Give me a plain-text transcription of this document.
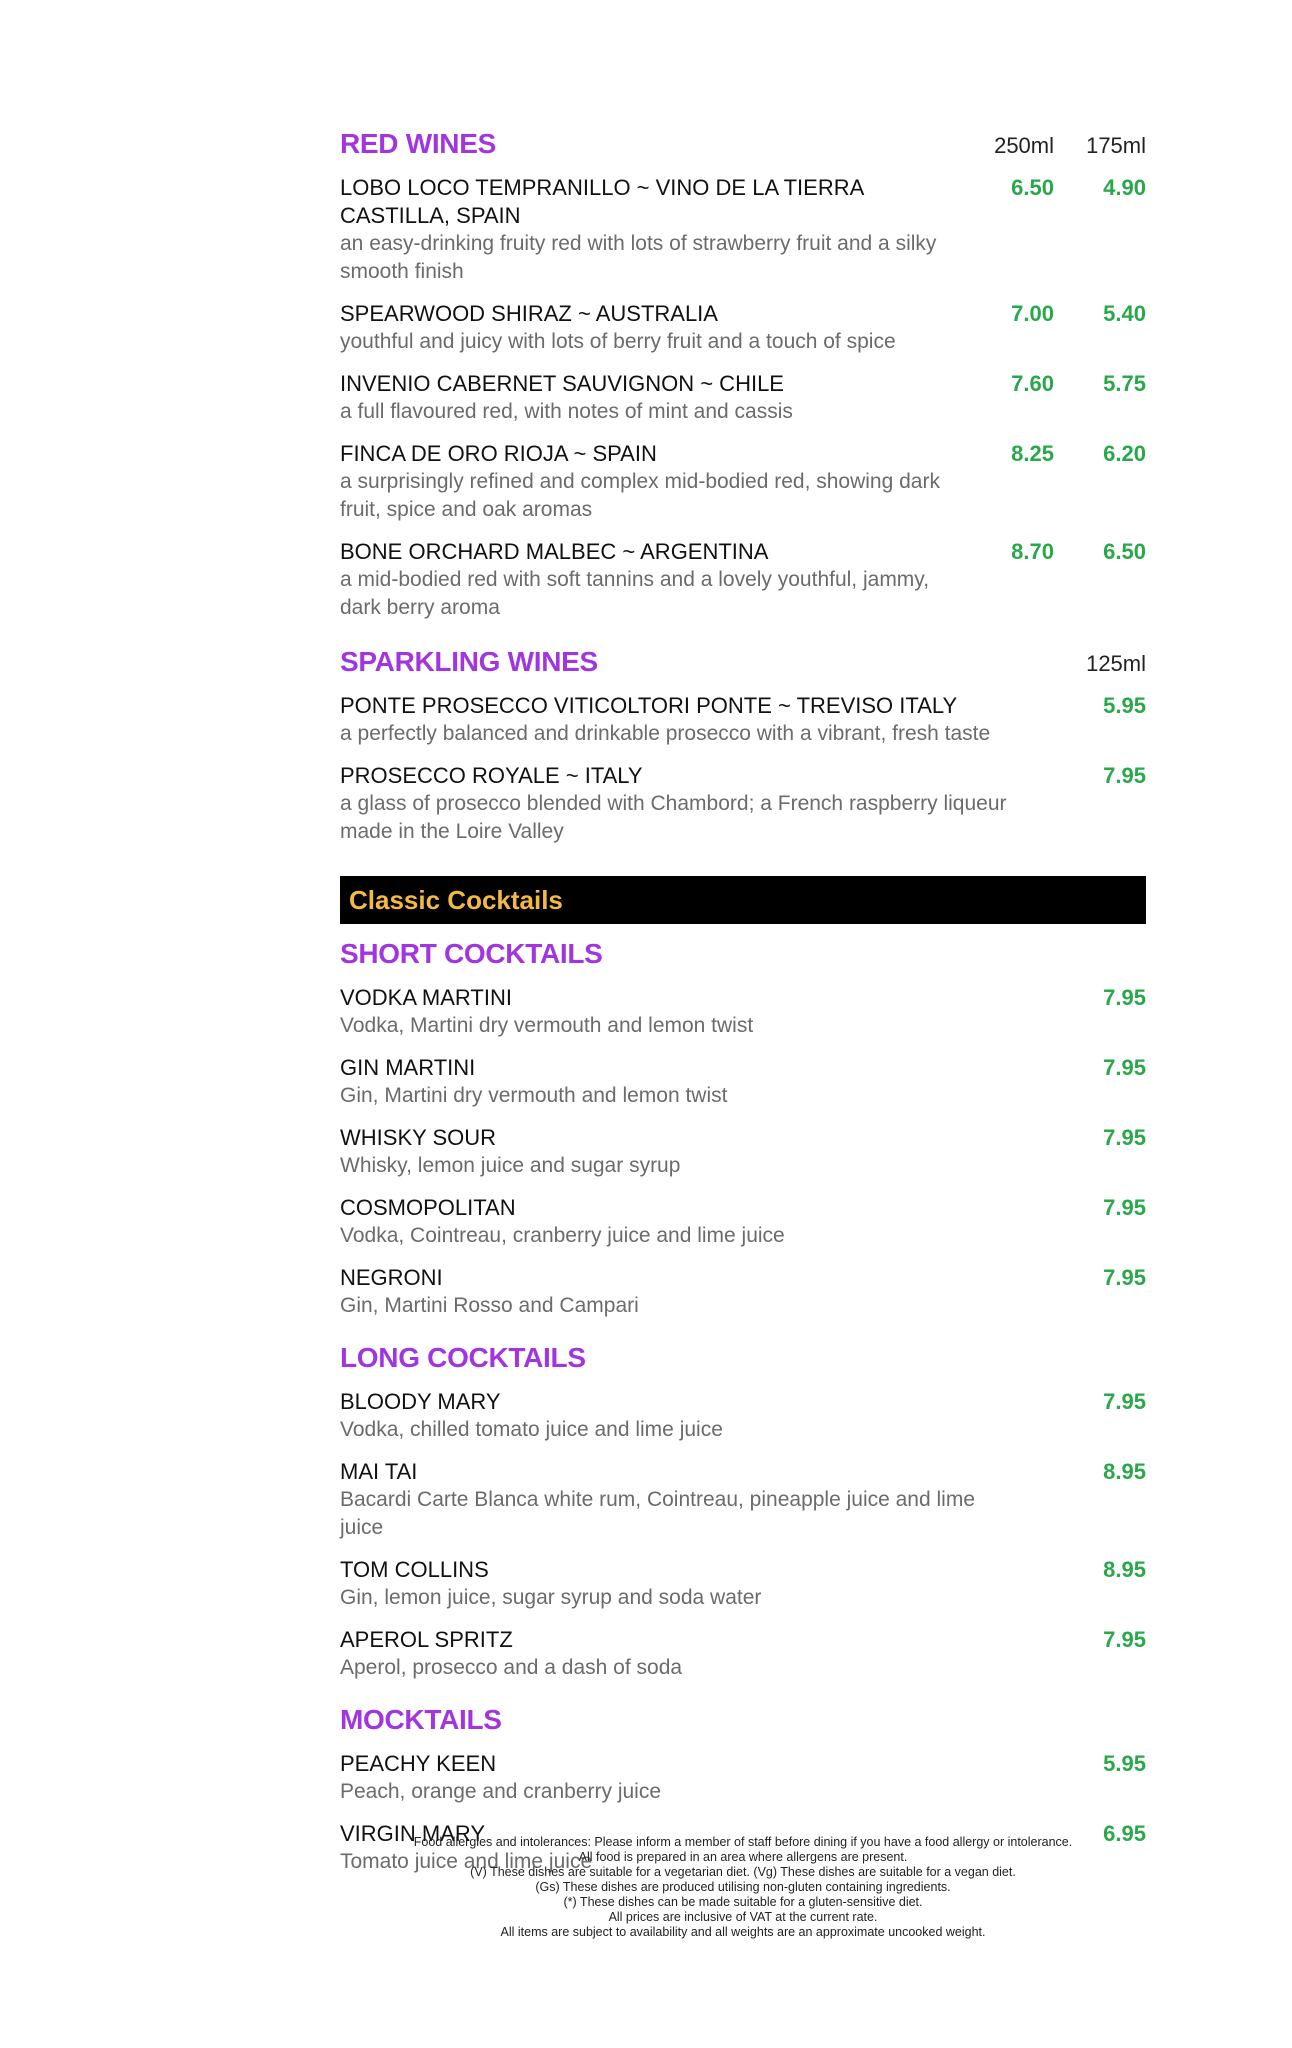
RED WINES	250ml	175ml
LOBO LOCO TEMPRANILLO ~ VINO DE LA TIERRA CASTILLA, SPAIN
an easy-drinking fruity red with lots of strawberry fruit and a silky smooth finish
6.50	4.90
SPEARWOOD SHIRAZ ~ AUSTRALIA
youthful and juicy with lots of berry fruit and a touch of spice
7.00	5.40
INVENIO CABERNET SAUVIGNON ~ CHILE
a full flavoured red, with notes of mint and cassis
7.60	5.75
FINCA DE ORO RIOJA ~ SPAIN
a surprisingly refined and complex mid-bodied red, showing dark fruit, spice and oak aromas
8.25	6.20
BONE ORCHARD MALBEC ~ ARGENTINA
a mid-bodied red with soft tannins and a lovely youthful, jammy, dark berry aroma
8.70	6.50
SPARKLING WINES	125ml
PONTE PROSECCO VITICOLTORI PONTE ~ TREVISO ITALY
a perfectly balanced and drinkable prosecco with a vibrant, fresh taste
5.95
PROSECCO ROYALE ~ ITALY
a glass of prosecco blended with Chambord; a French raspberry liqueur made in the Loire Valley
7.95
Classic Cocktails
SHORT COCKTAILS
VODKA MARTINI
Vodka, Martini dry vermouth and lemon twist
7.95
GIN MARTINI
Gin, Martini dry vermouth and lemon twist
7.95
WHISKY SOUR
Whisky, lemon juice and sugar syrup
7.95
COSMOPOLITAN
Vodka, Cointreau, cranberry juice and lime juice
7.95
NEGRONI
Gin, Martini Rosso and Campari
7.95
LONG COCKTAILS
BLOODY MARY
Vodka, chilled tomato juice and lime juice
7.95
MAI TAI
Bacardi Carte Blanca white rum, Cointreau, pineapple juice and lime juice
8.95
TOM COLLINS
Gin, lemon juice, sugar syrup and soda water
8.95
APEROL SPRITZ
Aperol, prosecco and a dash of soda
7.95
MOCKTAILS
PEACHY KEEN
Peach, orange and cranberry juice
5.95
VIRGIN MARY
Tomato juice and lime juice
6.95
Food allergies and intolerances: Please inform a member of staff before dining if you have a food allergy or intolerance.
All food is prepared in an area where allergens are present.
(V) These dishes are suitable for a vegetarian diet. (Vg) These dishes are suitable for a vegan diet.
(Gs) These dishes are produced utilising non-gluten containing ingredients.
(*) These dishes can be made suitable for a gluten-sensitive diet.
All prices are inclusive of VAT at the current rate.
All items are subject to availability and all weights are an approximate uncooked weight.
